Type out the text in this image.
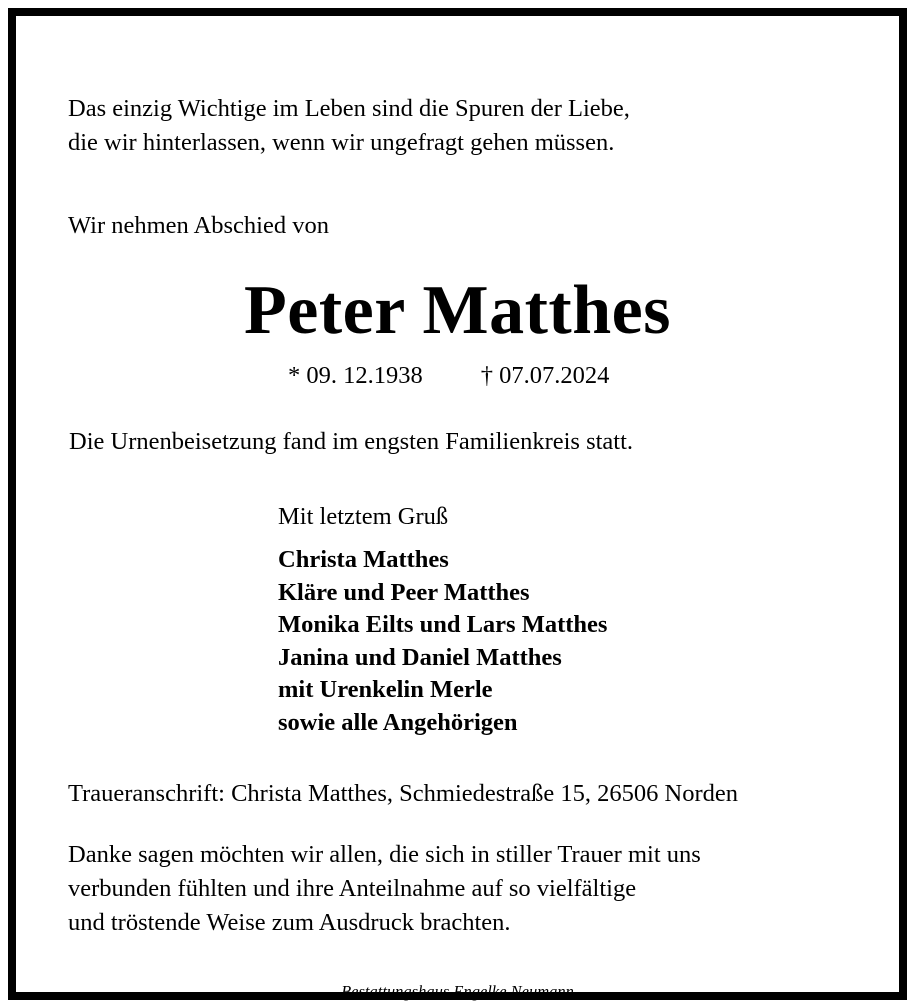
Das einzig Wichtige im Leben sind die Spuren der Liebe,
die wir hinterlassen, wenn wir ungefragt gehen müssen.
Wir nehmen Abschied von
Peter Matthes
* 09. 12.1938 † 07.07.2024
Die Urnenbeisetzung fand im engsten Familienkreis statt.
Mit letztem Gruß
Christa Matthes
Kläre und Peer Matthes
Monika Eilts und Lars Matthes
Janina und Daniel Matthes
mit Urenkelin Merle
sowie alle Angehörigen
Traueranschrift: Christa Matthes, Schmiedestraße 15, 26506 Norden
Danke sagen möchten wir allen, die sich in stiller Trauer mit uns
verbunden fühlten und ihre Anteilnahme auf so vielfältige
und tröstende Weise zum Ausdruck brachten.
Bestattungshaus Engelke Neumann
